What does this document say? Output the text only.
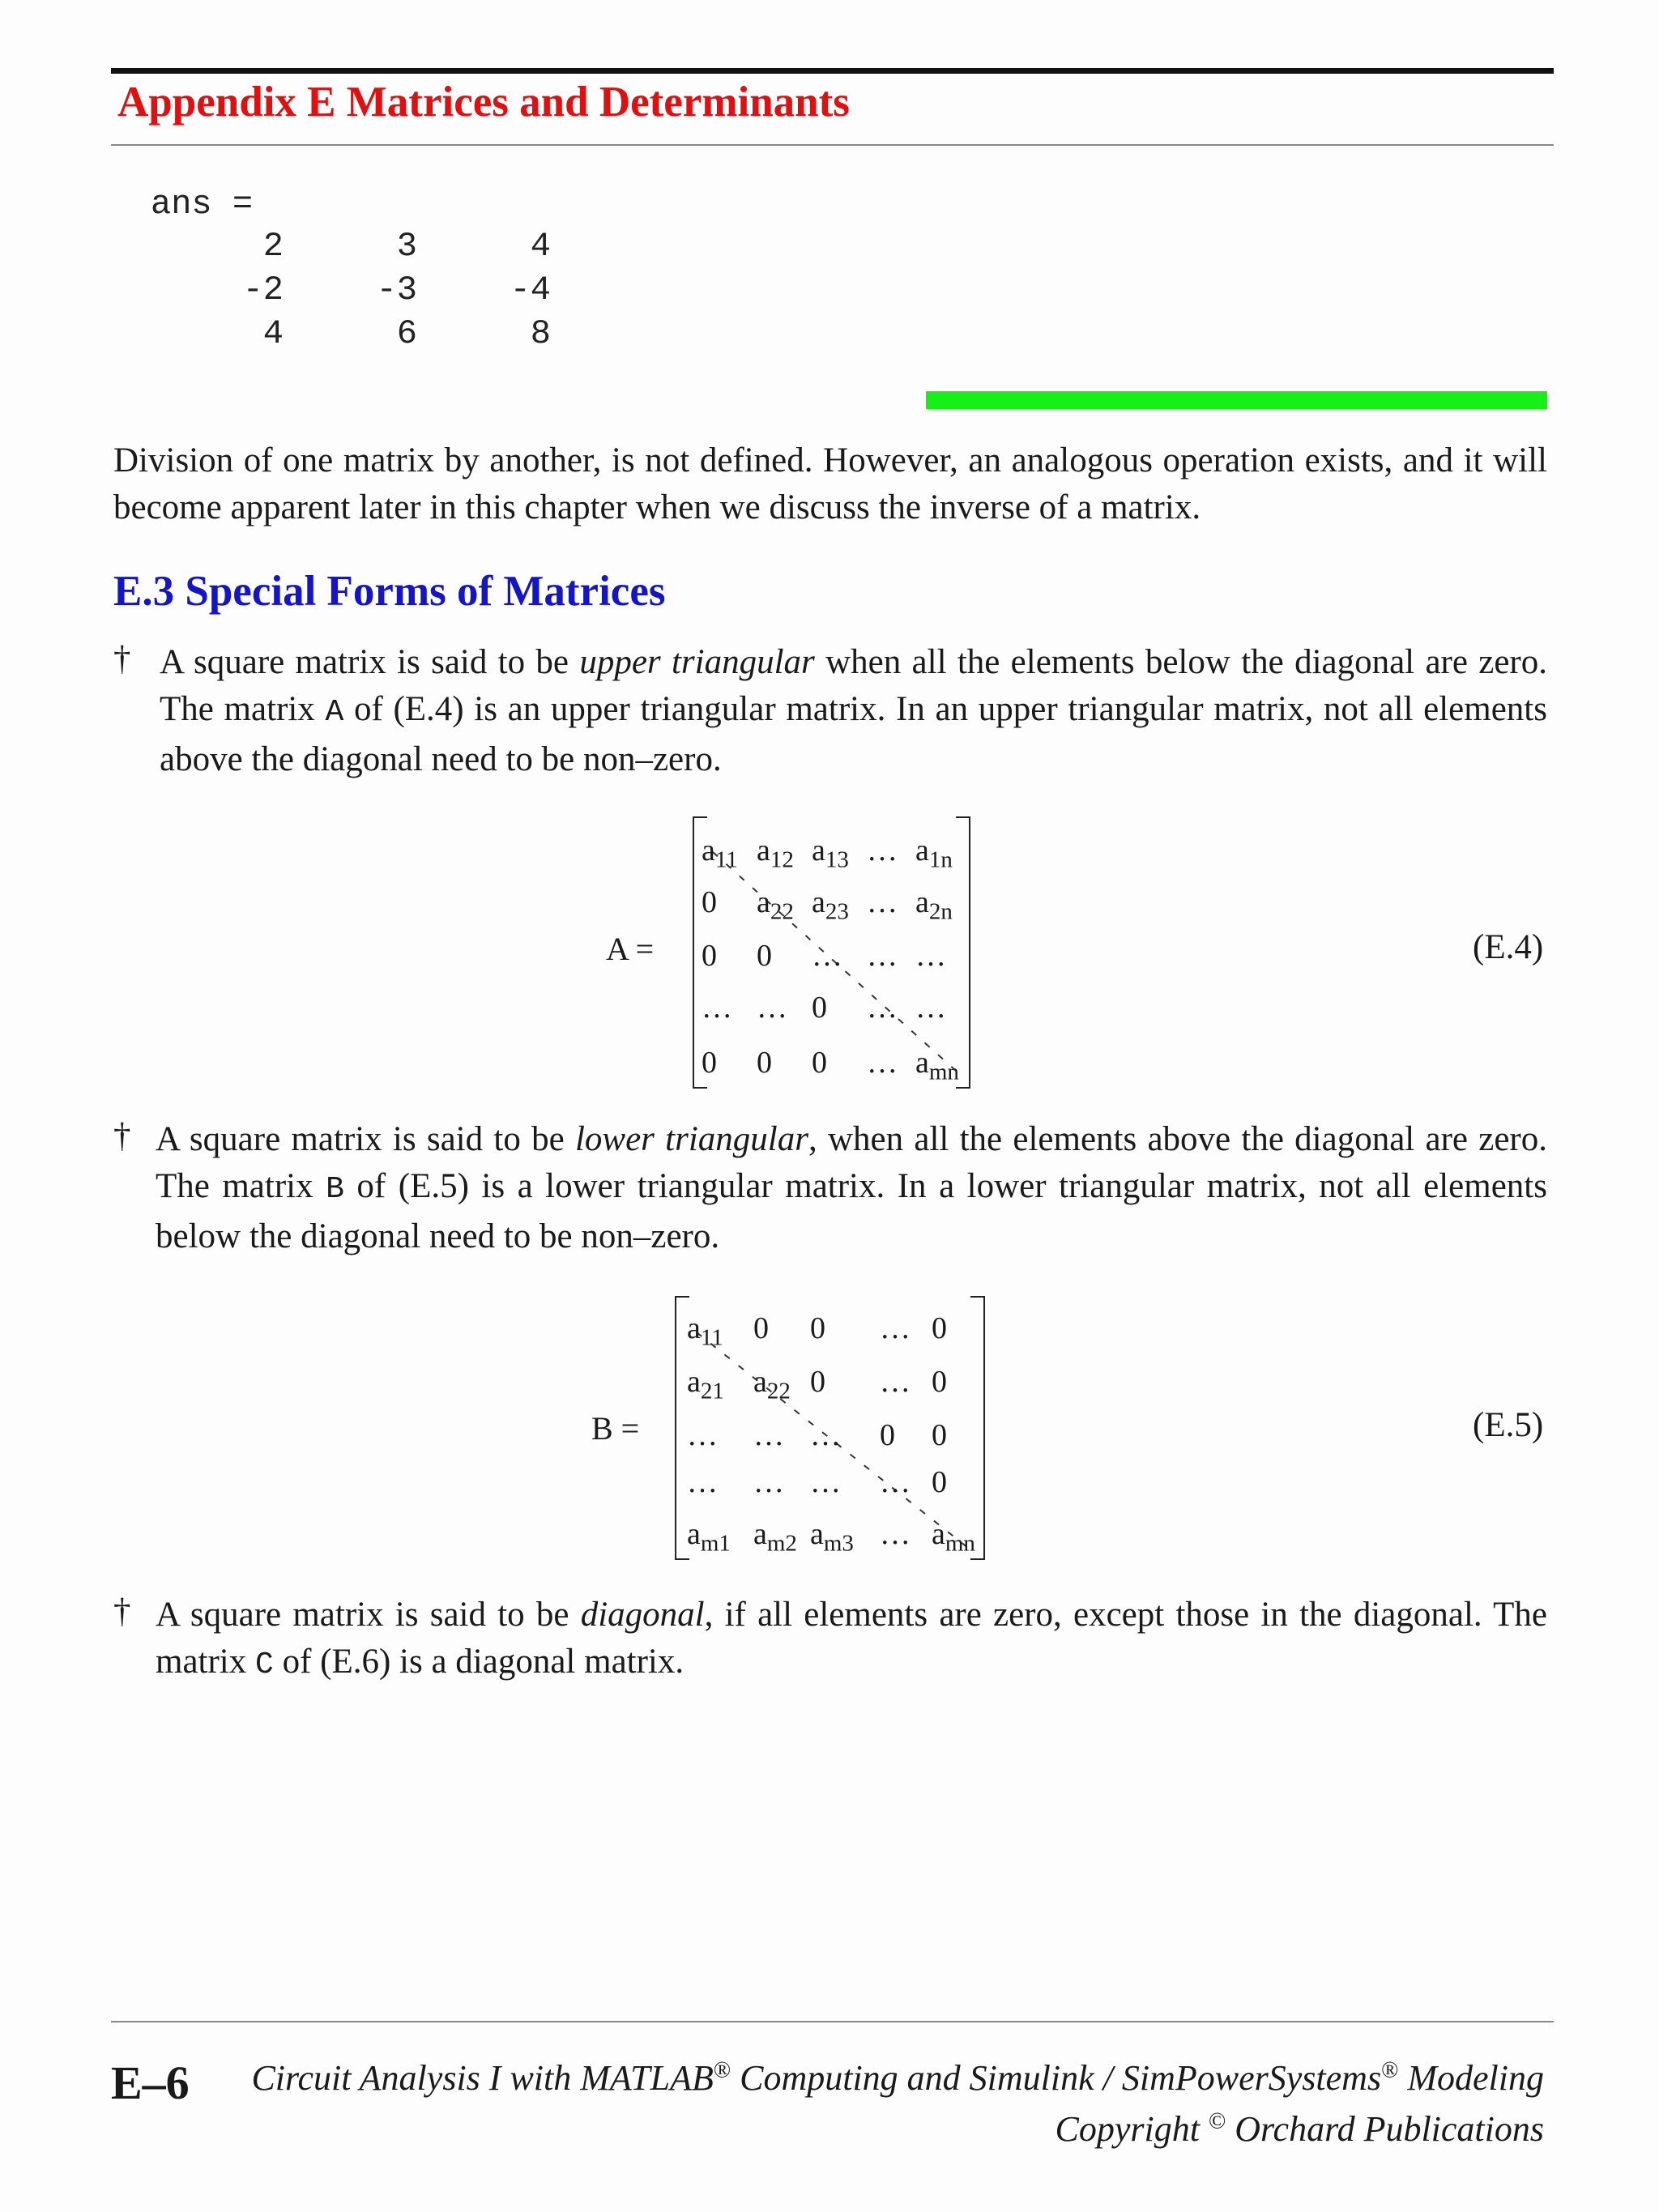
Appendix E Matrices and Determinants
ans =
2	3	4
-2	-3	-4
4	6	8
Division of one matrix by another, is not defined. However, an analogous operation exists, and it will become apparent later in this chapter when we discuss the inverse of a matrix.
E.3 Special Forms of Matrices
† A square matrix is said to be upper triangular when all the elements below the diagonal are zero. The matrix A of (E.4) is an upper triangular matrix. In an upper triangular matrix, not all elements above the diagonal need to be non–zero.
A =
$a_{11}$ $a_{12}$ $a_{13}$ … $a_{1n}$
0 $a_{22}$ $a_{23}$ … $a_{2n}$
0 0 … … …
… … 0 … …
0 0 0 … $a_{mn}$
(E.4)
† A square matrix is said to be lower triangular, when all the elements above the diagonal are zero. The matrix B of (E.5) is a lower triangular matrix. In a lower triangular matrix, not all elements below the diagonal need to be non–zero.
B =
$a_{11}$ 0 0 … 0
$a_{21}$ $a_{22}$ 0 … 0
… … … 0 0
… … … … 0
$a_{m1}$ $a_{m2}$ $a_{m3}$ … $a_{mn}$
(E.5)
† A square matrix is said to be diagonal, if all elements are zero, except those in the diagonal. The matrix C of (E.6) is a diagonal matrix.
E–6 Circuit Analysis I with MATLAB® Computing and Simulink / SimPowerSystems® Modeling
Copyright © Orchard Publications
